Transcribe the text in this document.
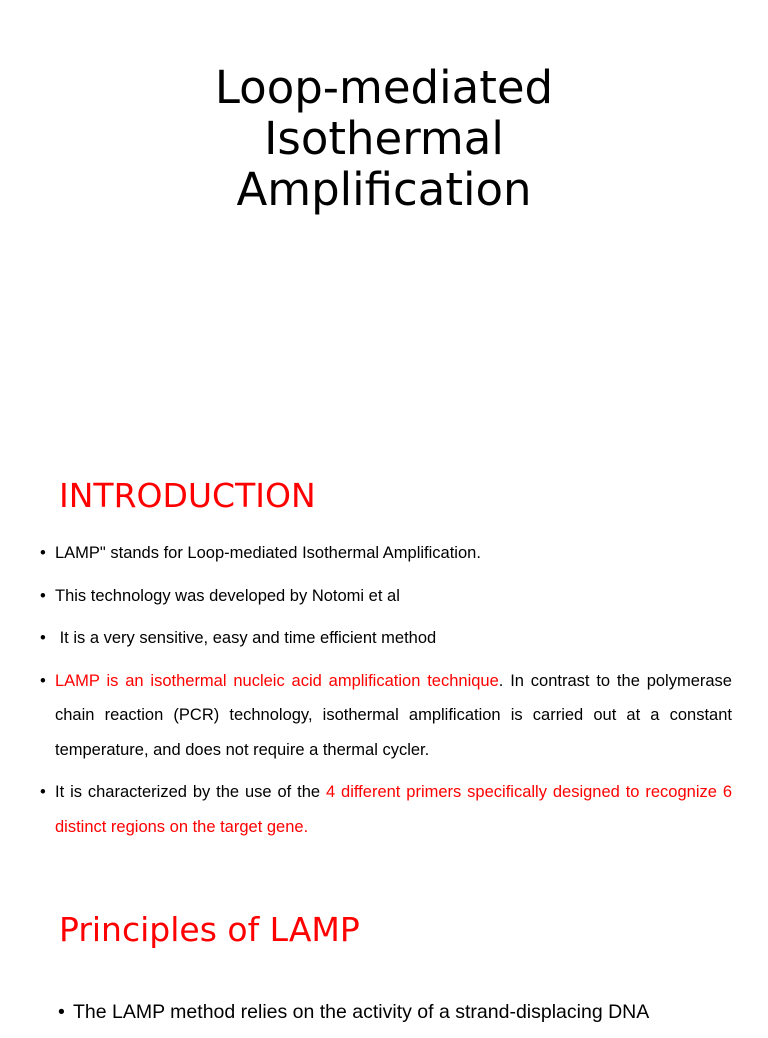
Loop-mediated
Isothermal
Amplification
INTRODUCTION
• LAMP" stands for Loop-mediated Isothermal Amplification.
• This technology was developed by Notomi et al
•  It is a very sensitive, easy and time efficient method
• LAMP is an isothermal nucleic acid amplification technique. In contrast to the polymerase chain reaction (PCR) technology, isothermal amplification is carried out at a constant temperature, and does not require a thermal cycler.
• It is characterized by the use of the 4 different primers specifically designed to recognize 6 distinct regions on the target gene.
Principles of LAMP
• The LAMP method relies on the activity of a strand-displacing DNA
